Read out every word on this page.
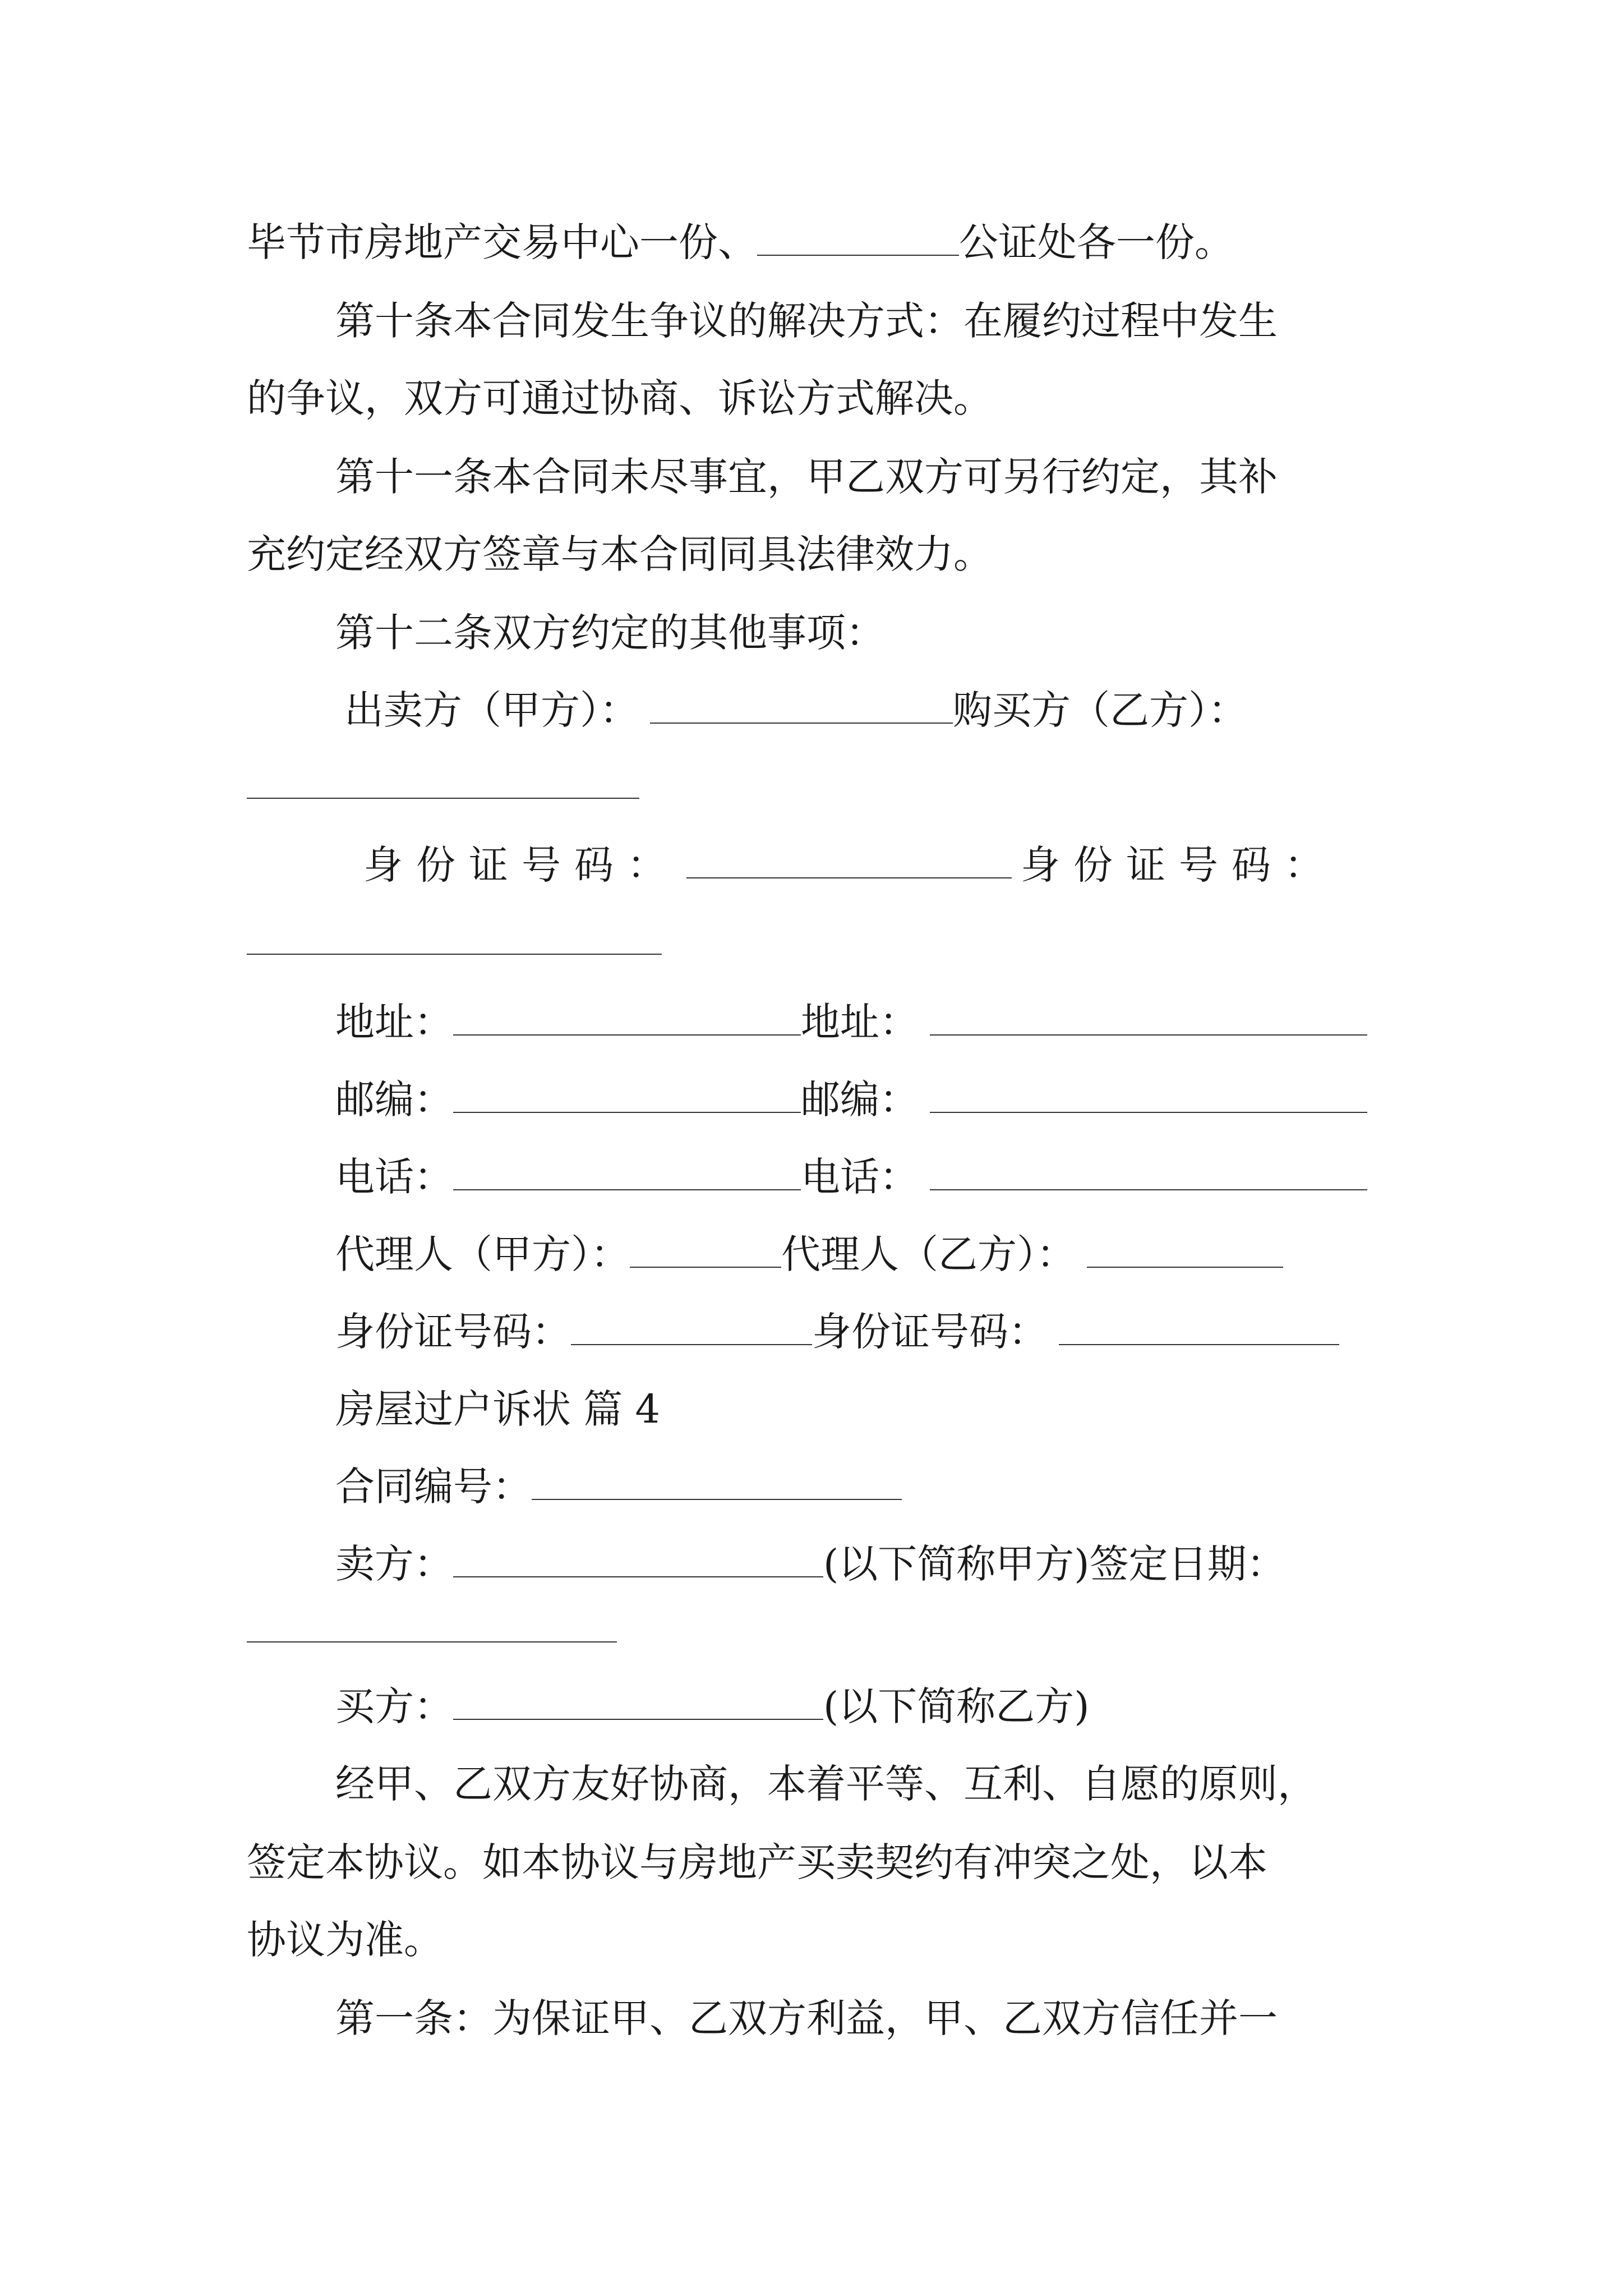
毕节市房地产交易中心一份、	公证处各一份。
第十条本合同发生争议的解决方式：在履约过程中发生
的争议，双方可通过协商、诉讼方式解决。
第十一条本合同未尽事宜，甲乙双方可另行约定，其补
充约定经双方签章与本合同同具法律效力。
第十二条双方约定的其他事项：
出卖方（甲方）：	购买方（乙方）：
身份证号码：	身份证号码：
地址：	地址：
邮编：	邮编：
电话：	电话：
代理人（甲方）：	代理人（乙方）：
身份证号码：	身份证号码：
房屋过户诉状 篇 4
合同编号：
卖方：	(以下简称甲方)签定日期：
买方：	(以下简称乙方)
经甲、乙双方友好协商，本着平等、互利、自愿的原则，
签定本协议。如本协议与房地产买卖契约有冲突之处，以本
协议为准。
第一条：为保证甲、乙双方利益，甲、乙双方信任并一
